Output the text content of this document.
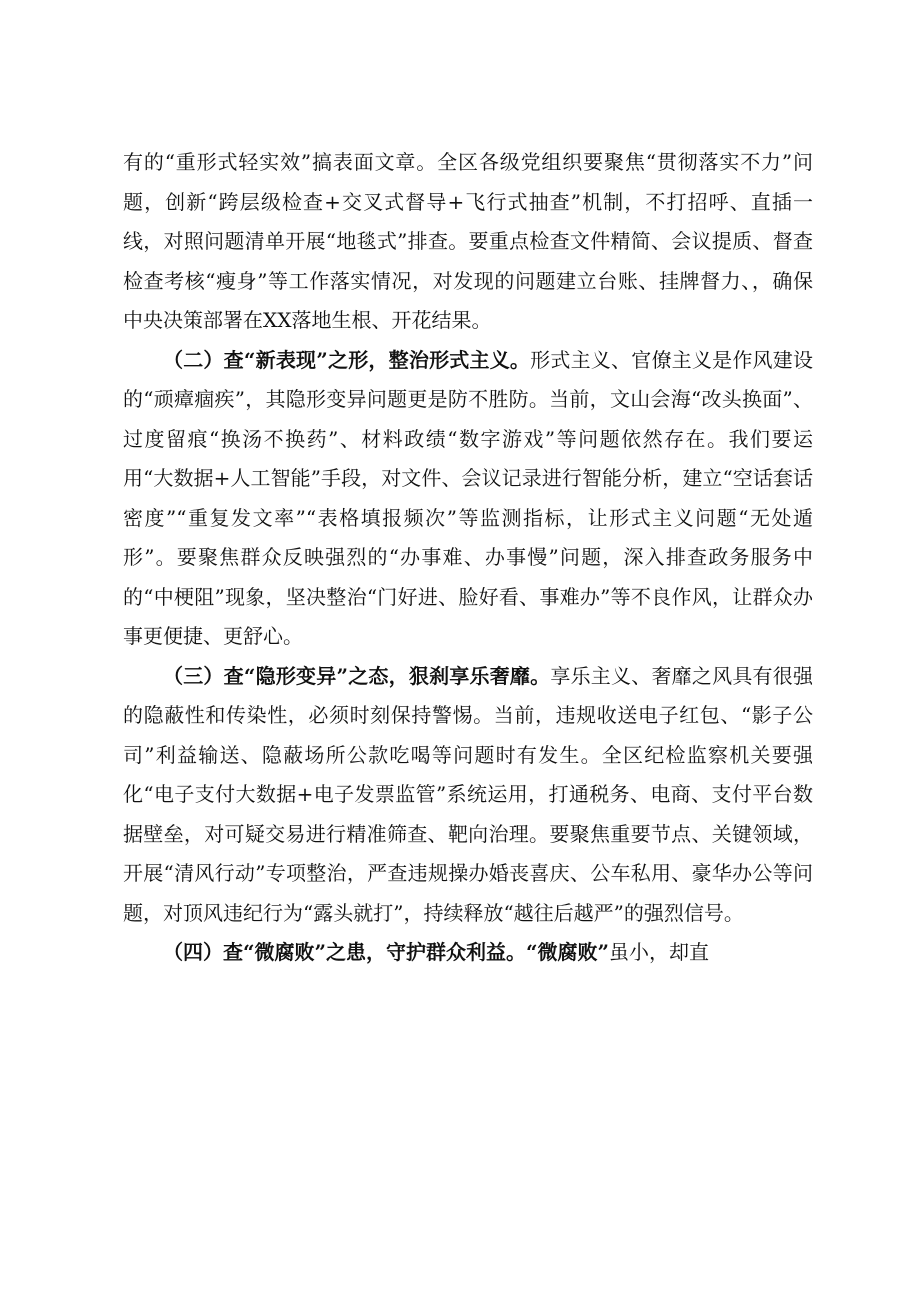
有的“重形式轻实效”搞表面文章。全区各级党组织要聚焦“贯彻落实不力”问题，创新“跨层级检查+交叉式督导+飞行式抽查”机制，不打招呼、直插一线，对照问题清单开展“地毯式”排查。要重点检查文件精简、会议提质、督查检查考核“瘦身”等工作落实情况，对发现的问题建立台账、挂牌督力、，确保中央决策部署在XX落地生根、开花结果。

（二）查“新表现”之形，整治形式主义。形式主义、官僚主义是作风建设的“顽瘴痼疾”，其隐形变异问题更是防不胜防。当前，文山会海“改头换面”、过度留痕“换汤不换药”、材料政绩“数字游戏”等问题依然存在。我们要运用“大数据+人工智能”手段，对文件、会议记录进行智能分析，建立“空话套话密度”“重复发文率”“表格填报频次”等监测指标，让形式主义问题“无处遁形”。要聚焦群众反映强烈的“办事难、办事慢”问题，深入排查政务服务中的“中梗阻”现象，坚决整治“门好进、脸好看、事难办”等不良作风，让群众办事更便捷、更舒心。

（三）查“隐形变异”之态，狠刹享乐奢靡。享乐主义、奢靡之风具有很强的隐蔽性和传染性，必须时刻保持警惕。当前，违规收送电子红包、“影子公司”利益输送、隐蔽场所公款吃喝等问题时有发生。全区纪检监察机关要强化“电子支付大数据+电子发票监管”系统运用，打通税务、电商、支付平台数据壁垒，对可疑交易进行精准筛查、靶向治理。要聚焦重要节点、关键领域，开展“清风行动”专项整治，严查违规操办婚丧喜庆、公车私用、豪华办公等问题，对顶风违纪行为“露头就打”，持续释放“越往后越严”的强烈信号。

（四）查“微腐败”之患，守护群众利益。“微腐败”虽小，却直
